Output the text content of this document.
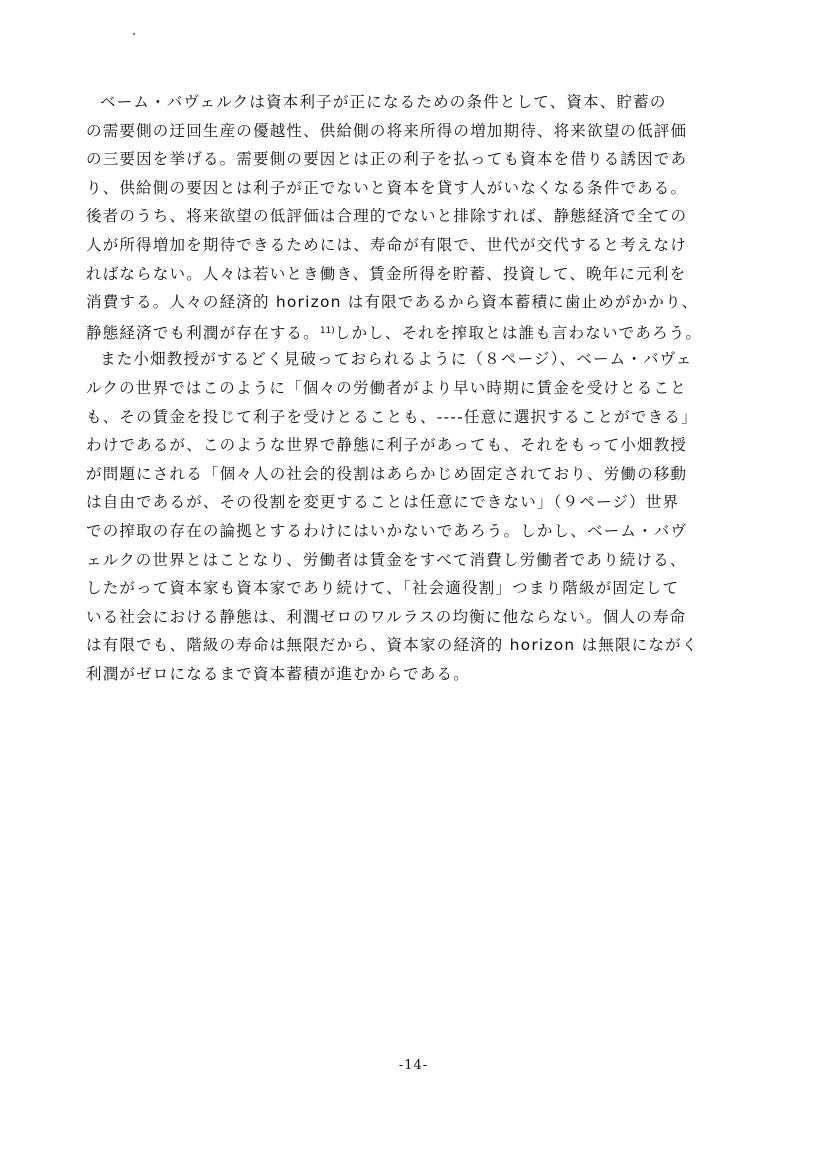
ベーム・バヴェルクは資本利子が正になるための条件として、資本、貯蓄の
の需要側の迂回生産の優越性、供給側の将来所得の増加期待、将来欲望の低評価
の三要因を挙げる。需要側の要因とは正の利子を払っても資本を借りる誘因であ
り、供給側の要因とは利子が正でないと資本を貸す人がいなくなる条件である。
後者のうち、将来欲望の低評価は合理的でないと排除すれば、静態経済で全ての
人が所得増加を期待できるためには、寿命が有限で、世代が交代すると考えなけ
ればならない。人々は若いとき働き、賃金所得を貯蓄、投資して、晩年に元利を
消費する。人々の経済的 horizon は有限であるから資本蓄積に歯止めがかかり、
静態経済でも利潤が存在する。$^{11)}$しかし、それを搾取とは誰も言わないであろう。
また小畑教授がするどく見破っておられるように（８ページ）、ベーム・バヴェ
ルクの世界ではこのように「個々の労働者がより早い時期に賃金を受けとること
も、その賃金を投じて利子を受けとることも、----任意に選択することができる」
わけであるが、このような世界で静態に利子があっても、それをもって小畑教授
が問題にされる「個々人の社会的役割はあらかじめ固定されており、労働の移動
は自由であるが、その役割を変更することは任意にできない」（９ページ）世界
での搾取の存在の論拠とするわけにはいかないであろう。しかし、ベーム・バヴ
ェルクの世界とはことなり、労働者は賃金をすべて消費し労働者であり続ける、
したがって資本家も資本家であり続けて、「社会適役割」つまり階級が固定して
いる社会における静態は、利潤ゼロのワルラスの均衡に他ならない。個人の寿命
は有限でも、階級の寿命は無限だから、資本家の経済的 horizon は無限にながく
利潤がゼロになるまで資本蓄積が進むからである。
-14-
